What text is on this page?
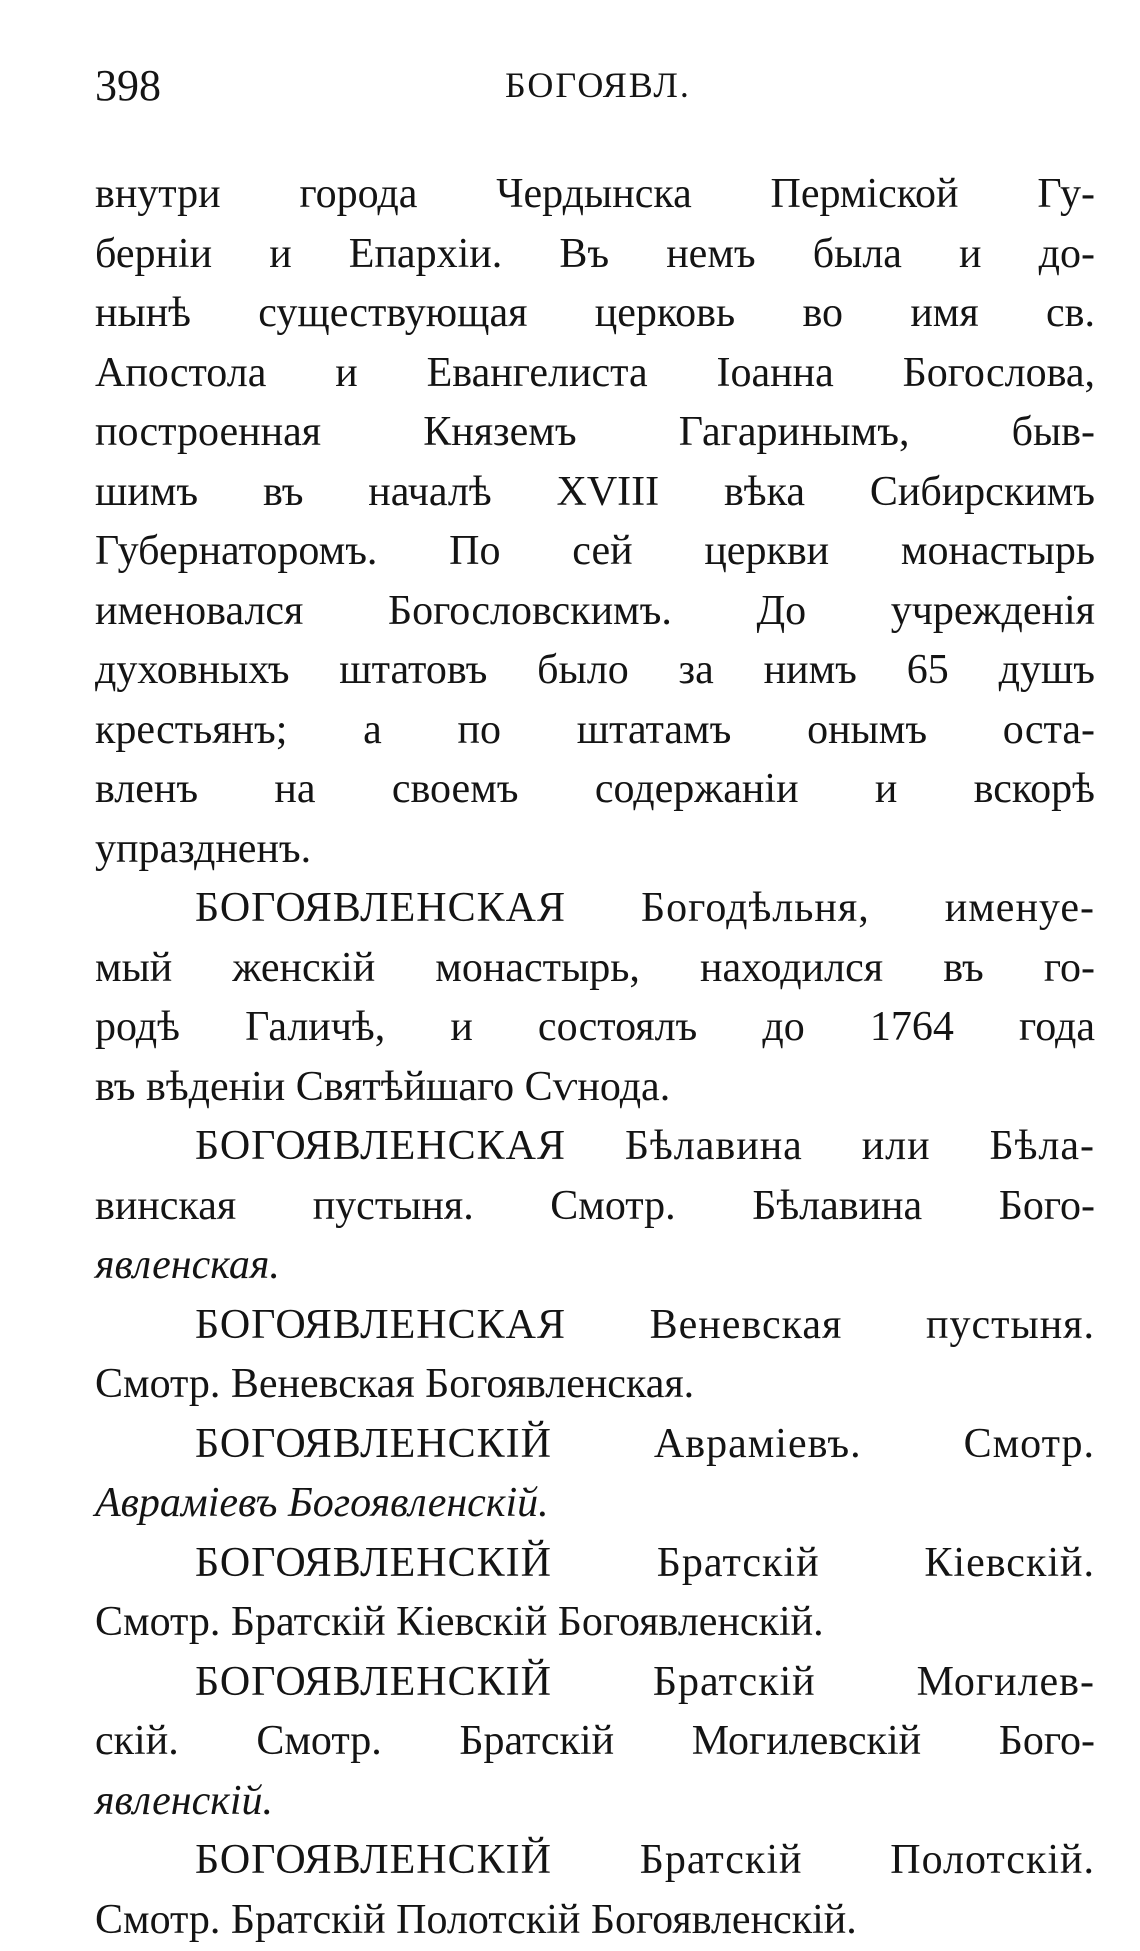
398	БОГОЯВЛ.
внутри города Чердынска Перміской Гу-
берніи и Епархіи. Въ немъ была и до-
нынѣ существующая церковь во имя св.
Апостола и Евангелиста Іоанна Богослова,
построенная Княземъ Гагаринымъ, быв-
шимъ въ началѣ XVIII вѣка Сибирскимъ
Губернаторомъ. По сей церкви монастырь
именовался Богословскимъ. До учрежденія
духовныхъ штатовъ было за нимъ 65 душъ
крестьянъ; а по штатамъ онымъ оста-
вленъ на своемъ содержаніи и вскорѣ
упраздненъ.
БОГОЯВЛЕНСКАЯ Богодѣльня, именуе-
мый женскій монастырь, находился въ го-
родѣ Галичѣ, и состоялъ до 1764 года
въ вѣденіи Святѣйшаго Сѵнода.
БОГОЯВЛЕНСКАЯ Бѣлавина или Бѣла-
винская пустыня. Смотр. Бѣлавина Бого-
явленская.
БОГОЯВЛЕНСКАЯ Веневская пустыня.
Смотр. Веневская Богоявленская.
БОГОЯВЛЕНСКІЙ Аврамiевъ. Смотр.
Аврамiевъ Богоявленскiй.
БОГОЯВЛЕНСКІЙ Братскій Кіевскій.
Смотр. Братскій Кіевскій Богоявленскій.
БОГОЯВЛЕНСКІЙ Братскій Могилев-
скій. Смотр. Братскій Могилевскій Бого-
явленскій.
БОГОЯВЛЕНСКІЙ Братскій Полотскій.
Смотр. Братскій Полотскій Богоявленскій.
